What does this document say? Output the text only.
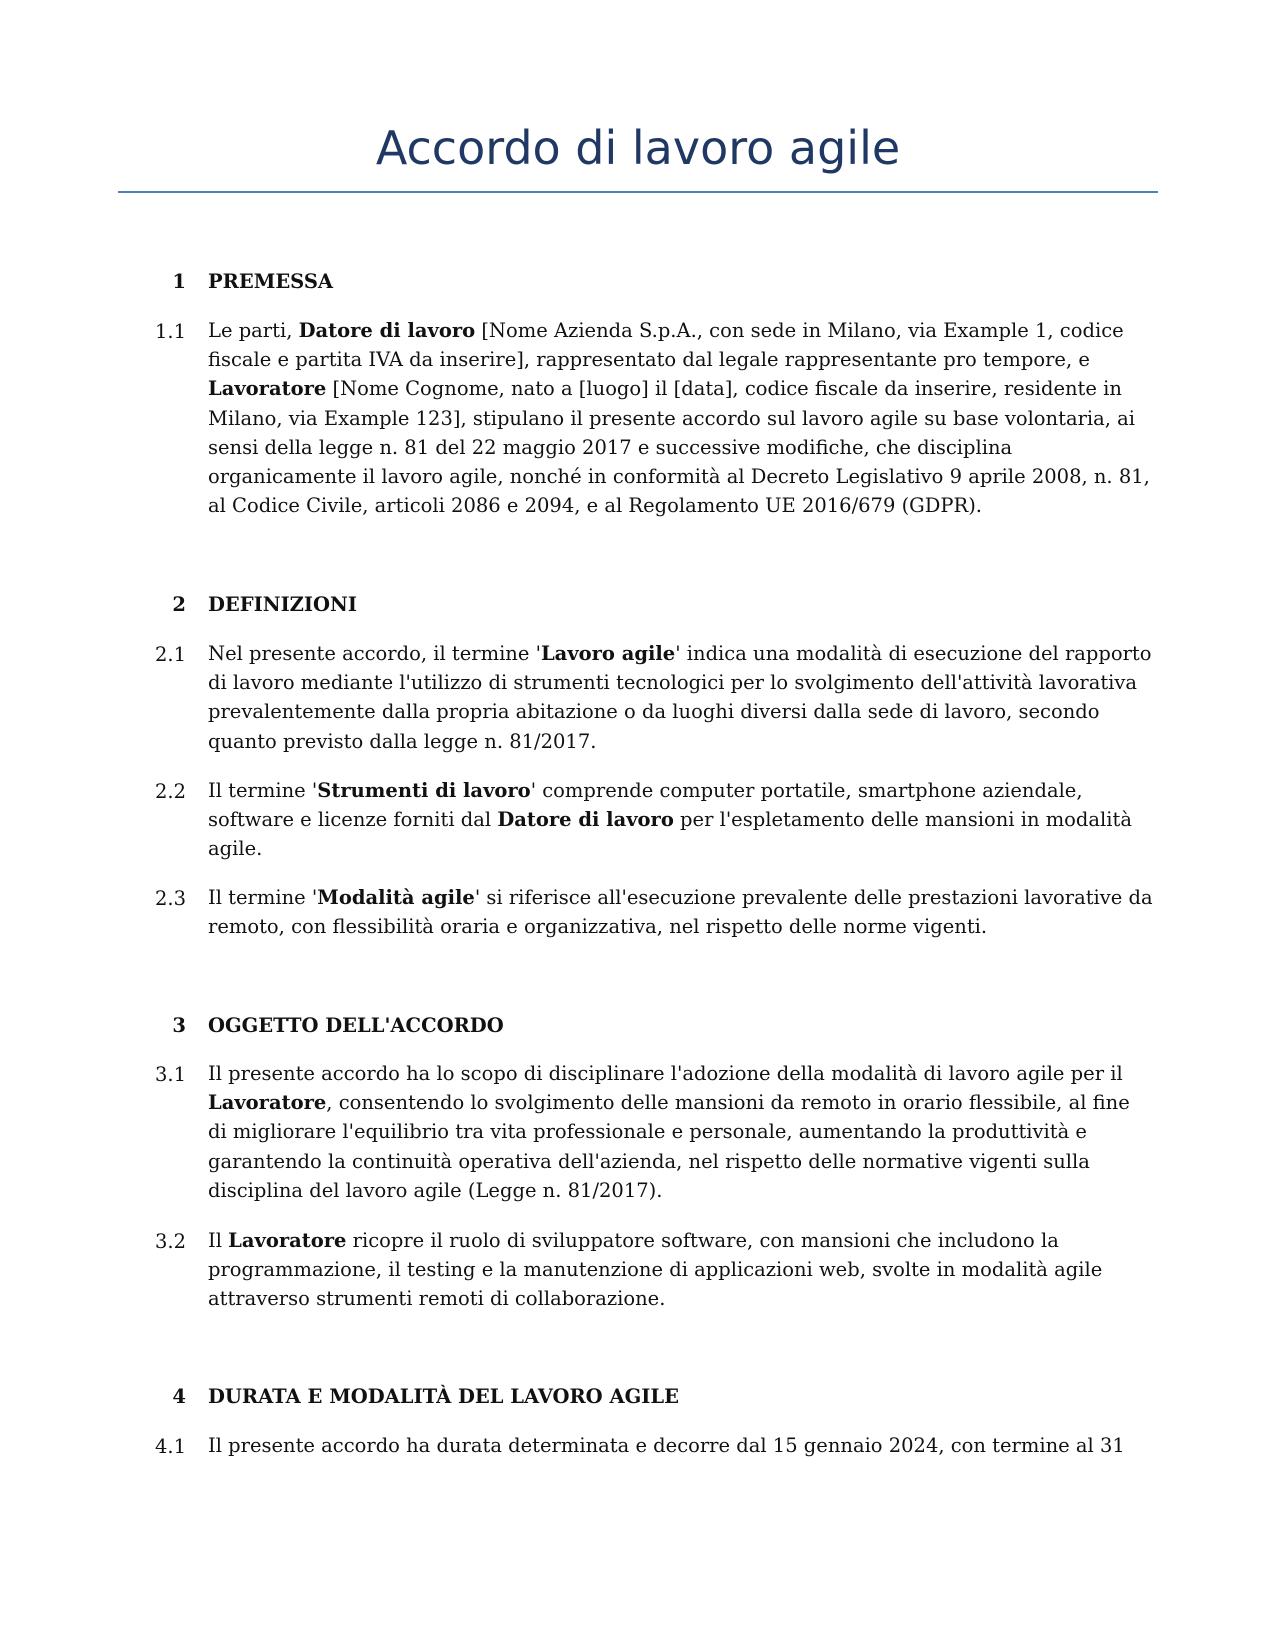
Accordo di lavoro agile
1 PREMESSA
1.1 Le parti, Datore di lavoro [Nome Azienda S.p.A., con sede in Milano, via Example 1, codice
fiscale e partita IVA da inserire], rappresentato dal legale rappresentante pro tempore, e
Lavoratore [Nome Cognome, nato a [luogo] il [data], codice fiscale da inserire, residente in
Milano, via Example 123], stipulano il presente accordo sul lavoro agile su base volontaria, ai
sensi della legge n. 81 del 22 maggio 2017 e successive modifiche, che disciplina
organicamente il lavoro agile, nonché in conformità al Decreto Legislativo 9 aprile 2008, n. 81,
al Codice Civile, articoli 2086 e 2094, e al Regolamento UE 2016/679 (GDPR).
2 DEFINIZIONI
2.1 Nel presente accordo, il termine 'Lavoro agile' indica una modalità di esecuzione del rapporto
di lavoro mediante l'utilizzo di strumenti tecnologici per lo svolgimento dell'attività lavorativa
prevalentemente dalla propria abitazione o da luoghi diversi dalla sede di lavoro, secondo
quanto previsto dalla legge n. 81/2017.
2.2 Il termine 'Strumenti di lavoro' comprende computer portatile, smartphone aziendale,
software e licenze forniti dal Datore di lavoro per l'espletamento delle mansioni in modalità
agile.
2.3 Il termine 'Modalità agile' si riferisce all'esecuzione prevalente delle prestazioni lavorative da
remoto, con flessibilità oraria e organizzativa, nel rispetto delle norme vigenti.
3 OGGETTO DELL'ACCORDO
3.1 Il presente accordo ha lo scopo di disciplinare l'adozione della modalità di lavoro agile per il
Lavoratore, consentendo lo svolgimento delle mansioni da remoto in orario flessibile, al fine
di migliorare l'equilibrio tra vita professionale e personale, aumentando la produttività e
garantendo la continuità operativa dell'azienda, nel rispetto delle normative vigenti sulla
disciplina del lavoro agile (Legge n. 81/2017).
3.2 Il Lavoratore ricopre il ruolo di sviluppatore software, con mansioni che includono la
programmazione, il testing e la manutenzione di applicazioni web, svolte in modalità agile
attraverso strumenti remoti di collaborazione.
4 DURATA E MODALITÀ DEL LAVORO AGILE
4.1 Il presente accordo ha durata determinata e decorre dal 15 gennaio 2024, con termine al 31
